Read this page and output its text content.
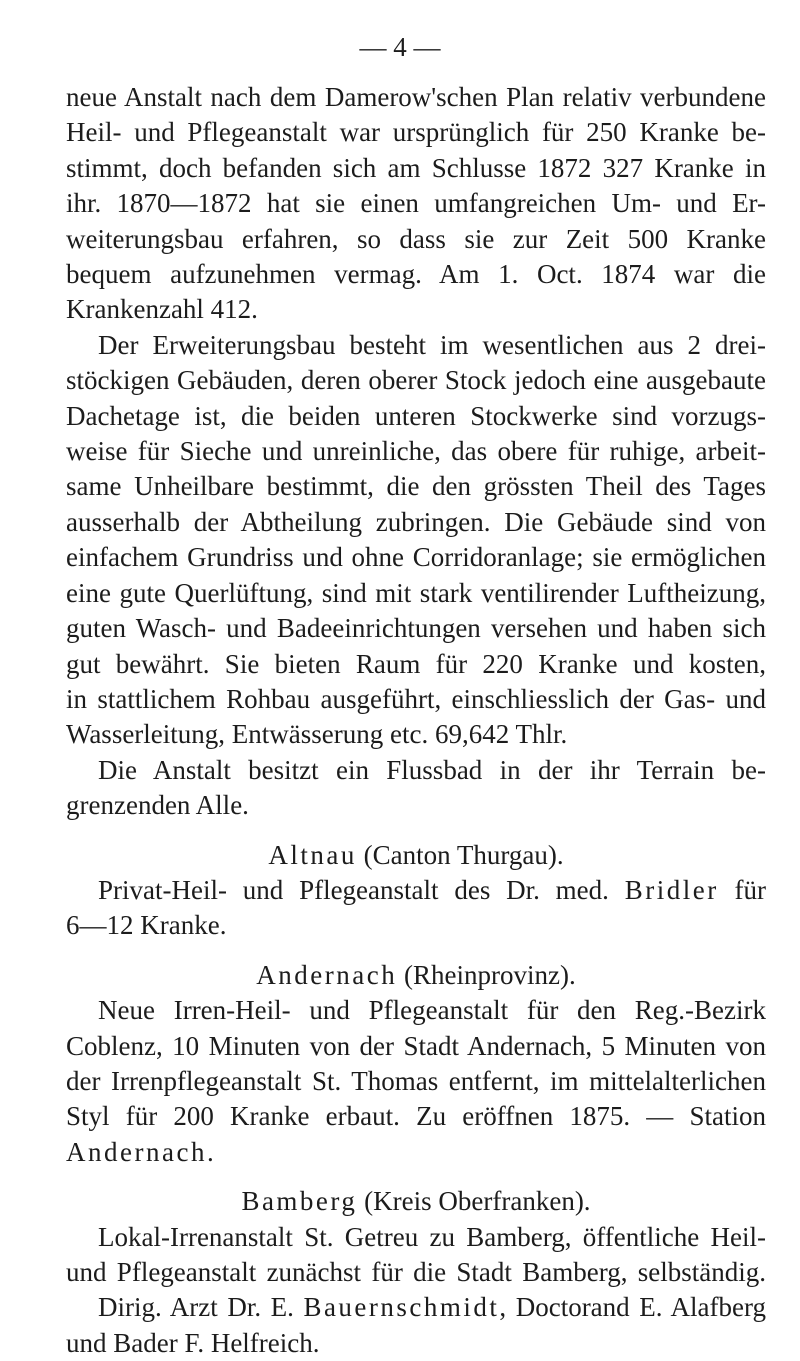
— 4 —

neue Anstalt nach dem Damerow'schen Plan relativ verbundene
Heil- und Pflegeanstalt war ursprünglich für 250 Kranke be-
stimmt, doch befanden sich am Schlusse 1872 327 Kranke in
ihr. 1870—1872 hat sie einen umfangreichen Um- und Er-
weiterungsbau erfahren, so dass sie zur Zeit 500 Kranke
bequem aufzunehmen vermag. Am 1. Oct. 1874 war die
Krankenzahl 412.

Der Erweiterungsbau besteht im wesentlichen aus 2 drei-
stöckigen Gebäuden, deren oberer Stock jedoch eine ausgebaute
Dachetage ist, die beiden unteren Stockwerke sind vorzugs-
weise für Sieche und unreinliche, das obere für ruhige, arbeit-
same Unheilbare bestimmt, die den grössten Theil des Tages
ausserhalb der Abtheilung zubringen. Die Gebäude sind von
einfachem Grundriss und ohne Corridoranlage; sie ermöglichen
eine gute Querlüftung, sind mit stark ventilirender Luftheizung,
guten Wasch- und Badeeinrichtungen versehen und haben sich
gut bewährt. Sie bieten Raum für 220 Kranke und kosten,
in stattlichem Rohbau ausgeführt, einschliesslich der Gas- und
Wasserleitung, Entwässerung etc. 69,642 Thlr.

Die Anstalt besitzt ein Flussbad in der ihr Terrain be-
grenzenden Alle.

Altnau (Canton Thurgau).

Privat-Heil- und Pflegeanstalt des Dr. med. Bridler für
6—12 Kranke.

Andernach (Rheinprovinz).

Neue Irren-Heil- und Pflegeanstalt für den Reg.-Bezirk
Coblenz, 10 Minuten von der Stadt Andernach, 5 Minuten von
der Irrenpflegeanstalt St. Thomas entfernt, im mittelalterlichen
Styl für 200 Kranke erbaut. Zu eröffnen 1875. — Station
Andernach.

Bamberg (Kreis Oberfranken).

Lokal-Irrenanstalt St. Getreu zu Bamberg, öffentliche Heil-
und Pflegeanstalt zunächst für die Stadt Bamberg, selbständig.
Dirig. Arzt Dr. E. Bauernschmidt, Doctorand E. Alafberg
und Bader F. Helfreich.
